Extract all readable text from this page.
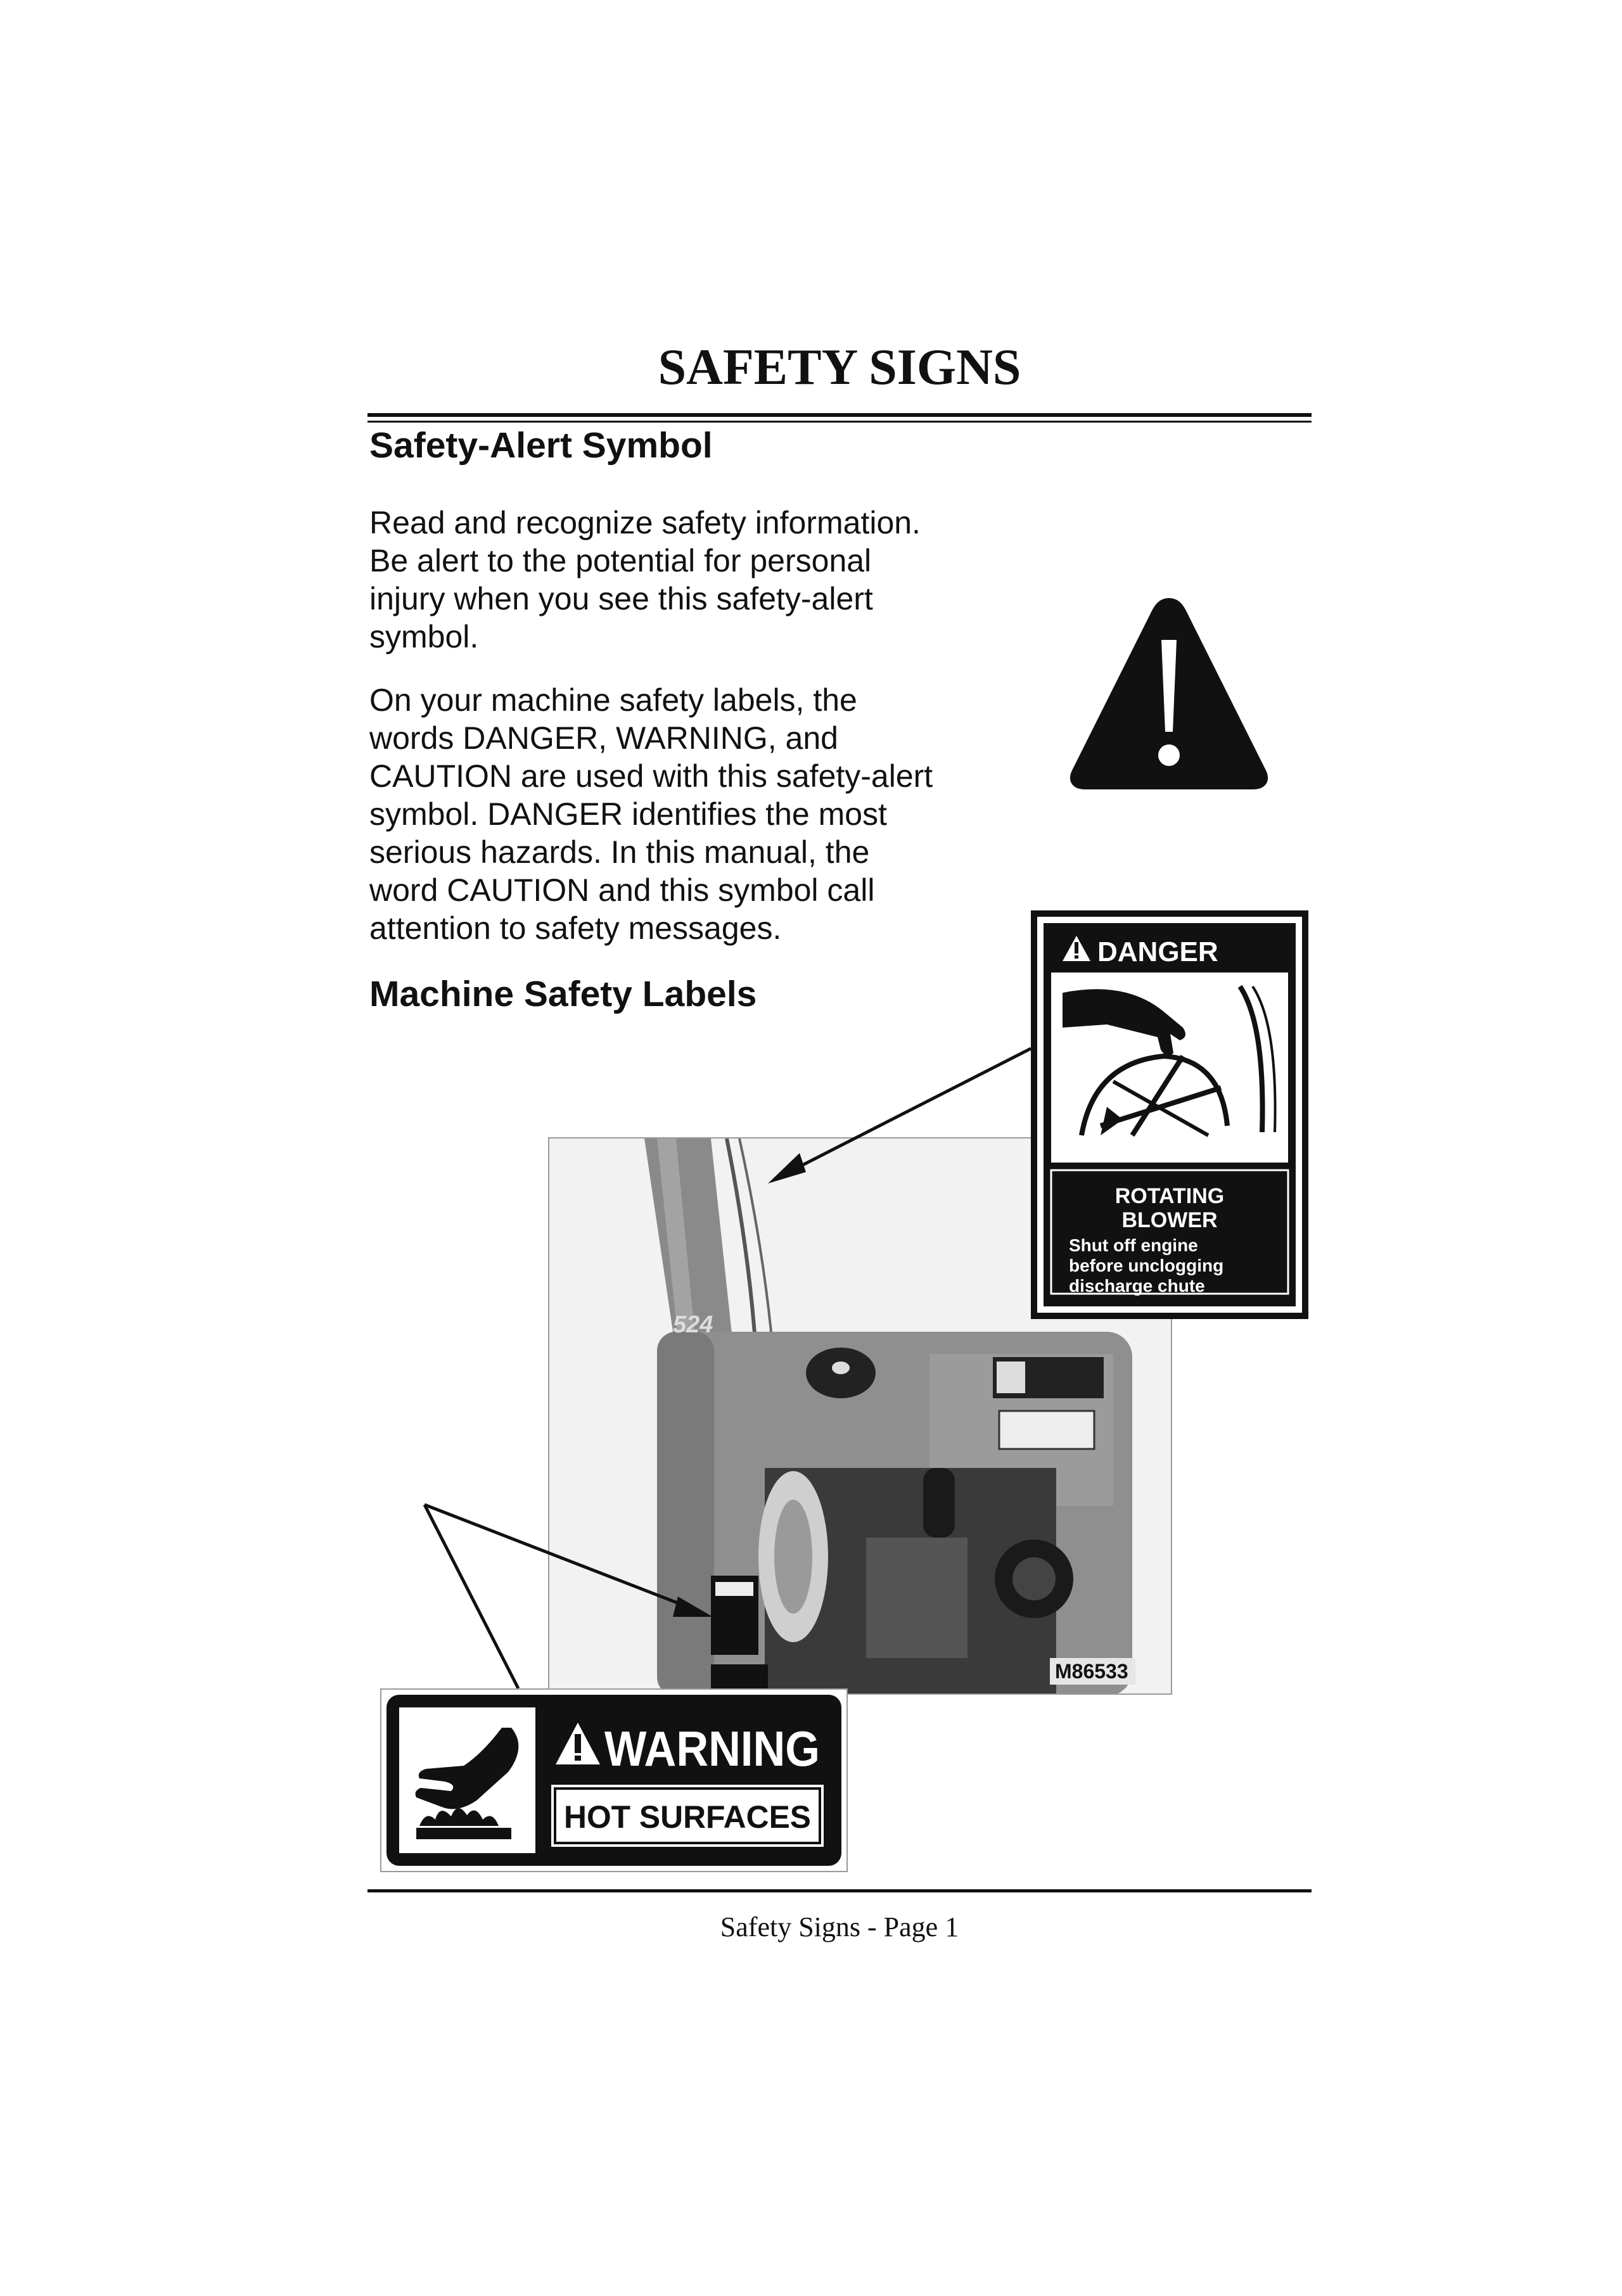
SAFETY SIGNS
Safety-Alert Symbol

Read and recognize safety information.
Be alert to the potential for personal
injury when you see this safety-alert
symbol.

On your machine safety labels, the
words DANGER, WARNING, and
CAUTION are used with this safety-alert
symbol. DANGER identifies the most
serious hazards. In this manual, the
word CAUTION and this symbol call
attention to safety messages.

Machine Safety Labels
524
M86533
DANGER
ROTATING
BLOWER
Shut off engine
before unclogging
discharge chute
WARNING
HOT SURFACES
Safety Signs - Page 1
